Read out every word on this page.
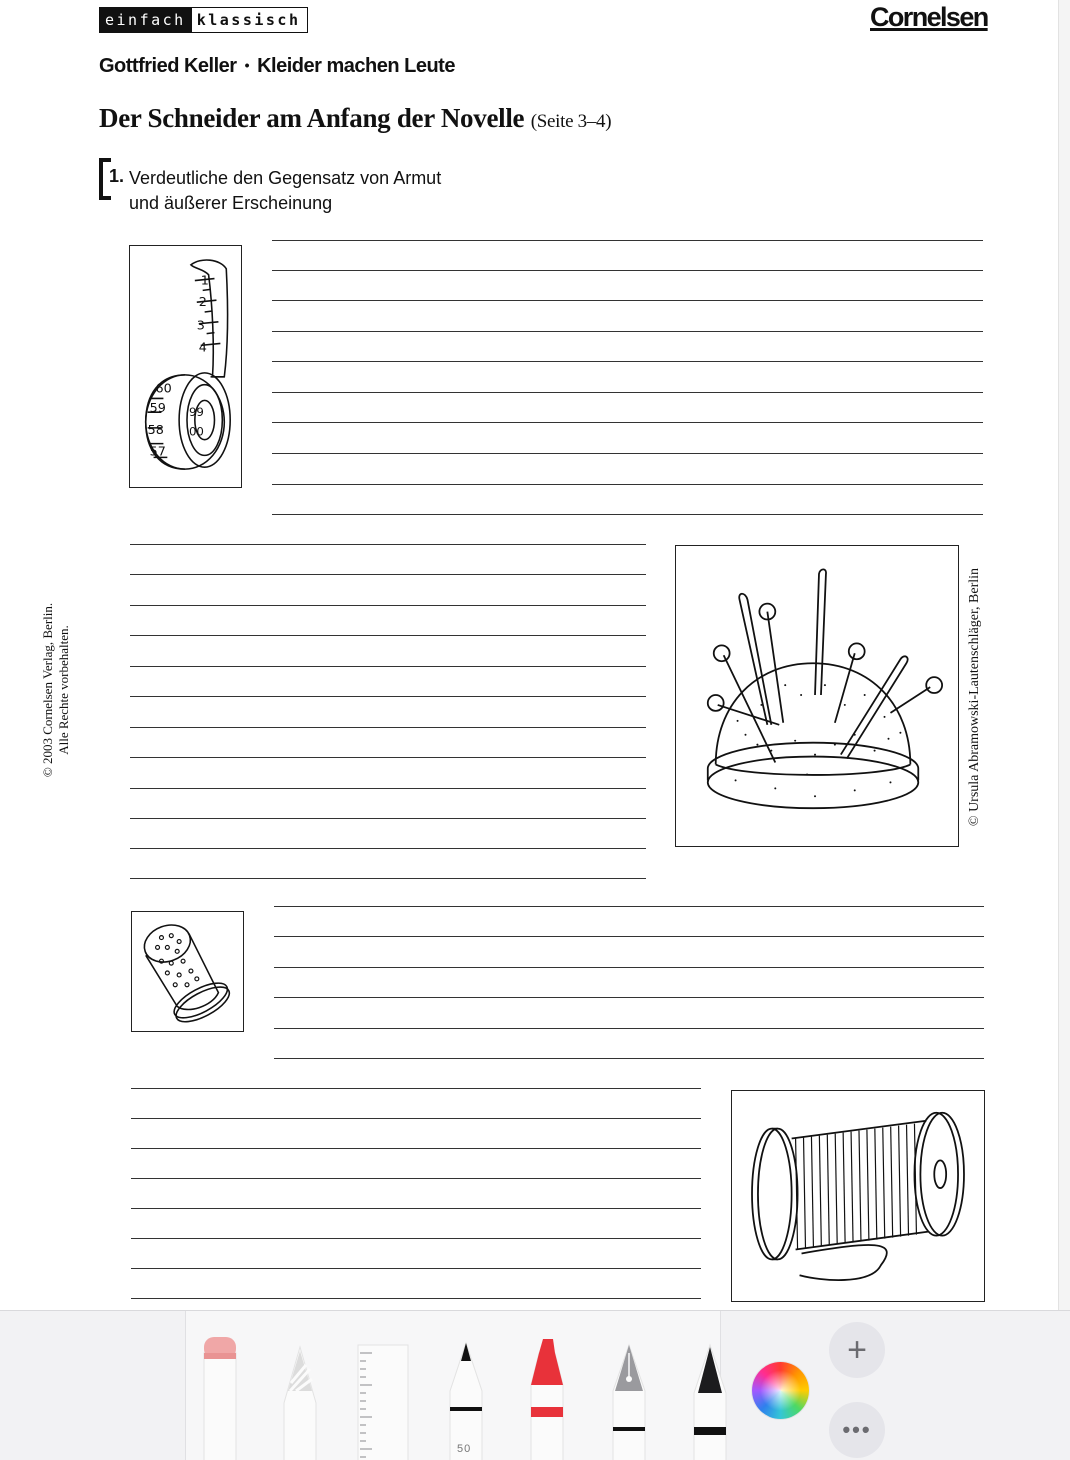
einfach klassisch	Cornelsen
Gottfried Keller • Kleider machen Leute
Der Schneider am Anfang der Novelle (Seite 3–4)
1. Verdeutliche den Gegensatz von Armut
und äußerer Erscheinung
© 2003 Cornelsen Verlag, Berlin. Alle Rechte vorbehalten.	© Ursula Abramowski-Lautenschläger, Berlin
1
2
3
4
60
59
58
57
99
00
50
+
•••
